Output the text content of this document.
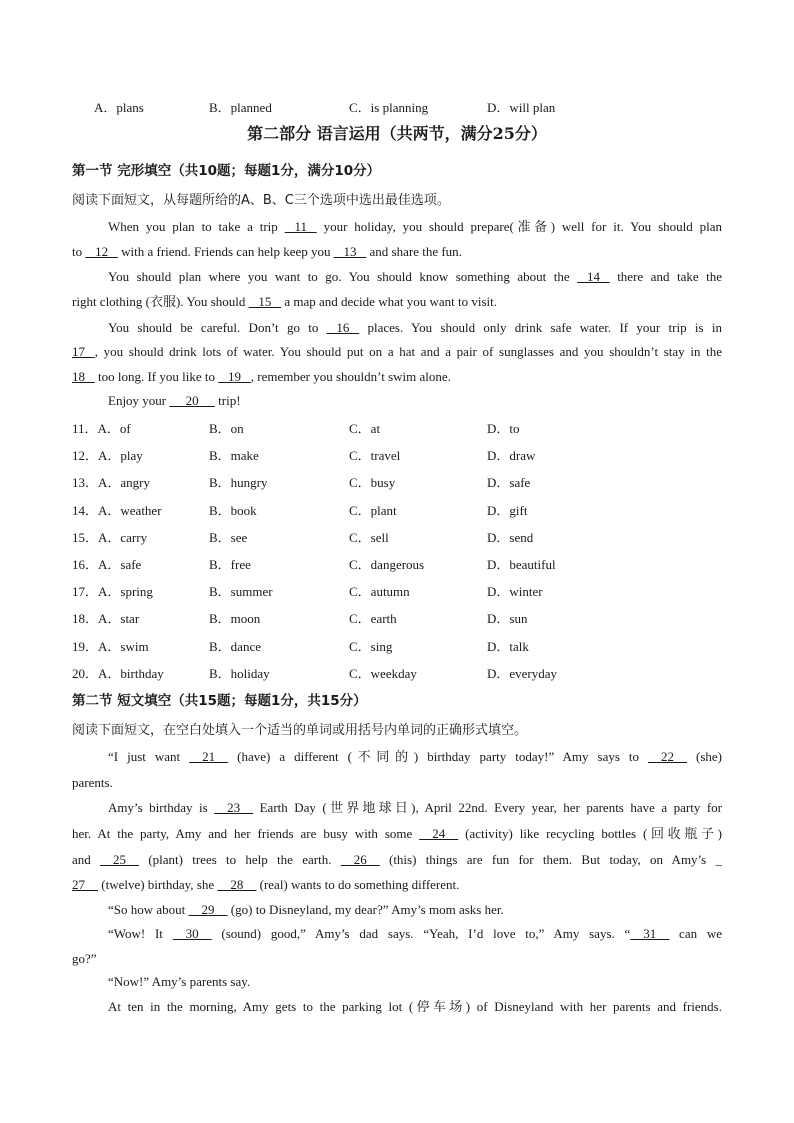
A．plans	B．planned	C．is planning	D．will plan
第二部分 语言运用（共两节，满分25分）
第一节 完形填空（共10题；每题1分，满分10分）
阅读下面短文，从每题所给的A、B、C三个选项中选出最佳选项。
When you plan to take a trip    11    your holiday, you should prepare(准备) well for it. You should plan
to    12    with a friend. Friends can help keep you    13    and share the fun.
You should plan where you want to go. You should know something about the    14    there and take the
right clothing (衣服). You should    15    a map and decide what you want to visit.
You should be careful. Don’t go to    16    places. You should only drink safe water. If your trip is in
17 , you should drink lots of water. You should put on a hat and a pair of sunglasses and you shouldn’t stay in the
18    too long. If you like to    19   , remember you shouldn’t swim alone.
Enjoy your      20      trip!
11．A．of	B．on	C．at	D．to
12．A．play	B．make	C．travel	D．draw
13．A．angry	B．hungry	C．busy	D．safe
14．A．weather	B．book	C．plant	D．gift
15．A．carry	B．see	C．sell	D．send
16．A．safe	B．free	C．dangerous	D．beautiful
17．A．spring	B．summer	C．autumn	D．winter
18．A．star	B．moon	C．earth	D．sun
19．A．swim	B．dance	C．sing	D．talk
20．A．birthday	B．holiday	C．weekday	D．everyday
第二节 短文填空（共15题；每题1分，共15分）
阅读下面短文，在空白处填入一个适当的单词或用括号内单词的正确形式填空。
“I just want     21     (have) a different (不同的) birthday party today!” Amy says to     22     (she)
parents.
Amy’s birthday is     23     Earth Day (世界地球日), April 22nd. Every year, her parents have a party for
her. At the party, Amy and her friends are busy with some     24     (activity) like recycling bottles (回收瓶子)
and     25     (plant) trees to help the earth.     26     (this) things are fun for them. But today, on Amy’s _
27     (twelve) birthday, she     28     (real) wants to do something different.
“So how about     29     (go) to Disneyland, my dear?” Amy’s mom asks her.
“Wow! It     30     (sound) good,” Amy’s dad says. “Yeah, I’d love to,” Amy says. “    31     can we
go?”
“Now!” Amy’s parents say.
At ten in the morning, Amy gets to the parking lot (停车场) of Disneyland with her parents and friends.
